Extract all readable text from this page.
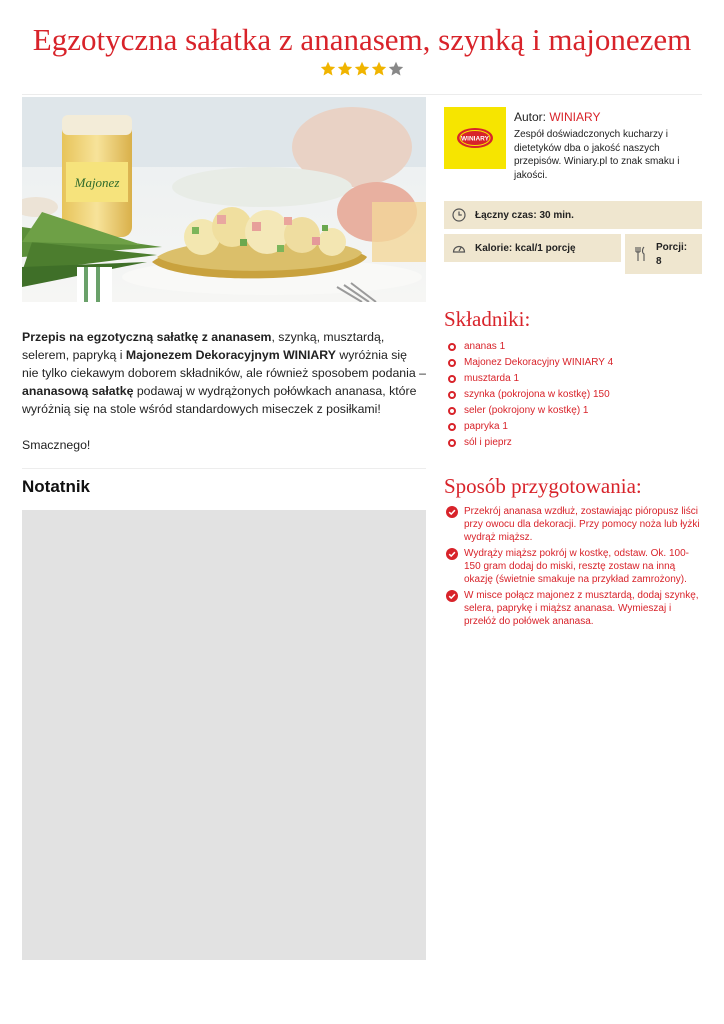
Egzotyczna sałatka z ananasem, szynką i majonezem
Majonez

Przepis na egzotyczną sałatkę z ananasem, szynką, musztardą, selerem, papryką i Majonezem Dekoracyjnym WINIARY wyróżnia się nie tylko ciekawym doborem składników, ale również sposobem podania – ananasową sałatkę podawaj w wydrążonych połówkach ananasa, które wyróżnią się na stole wśród standardowych miseczek z posiłkami!

Smacznego!

Notatnik
WINIARY
Autor: WINIARY
Zespół doświadczonych kucharzy i dietetyków dba o jakość naszych przepisów. Winiary.pl to znak smaku i jakości.
Łączny czas: 30 min.
Kalorie: kcal/1 porcję	Porcji:
8
Składniki:
ananas 1
Majonez Dekoracyjny WINIARY 4
musztarda 1
szynka (pokrojona w kostkę) 150
seler (pokrojony w kostkę) 1
papryka 1
sól i pieprz
Sposób przygotowania:
Przekrój ananasa wzdłuż, zostawiając pióropusz liści przy owocu dla dekoracji. Przy pomocy noża lub łyżki wydrąż miąższ.
Wydrąży miąższ pokrój w kostkę, odstaw. Ok. 100-150 gram dodaj do miski, resztę zostaw na inną okazję (świetnie smakuje na przykład zamrożony).
W misce połącz majonez z musztardą, dodaj szynkę, selera, paprykę i miąższ ananasa. Wymieszaj i przełóż do połówek ananasa.
